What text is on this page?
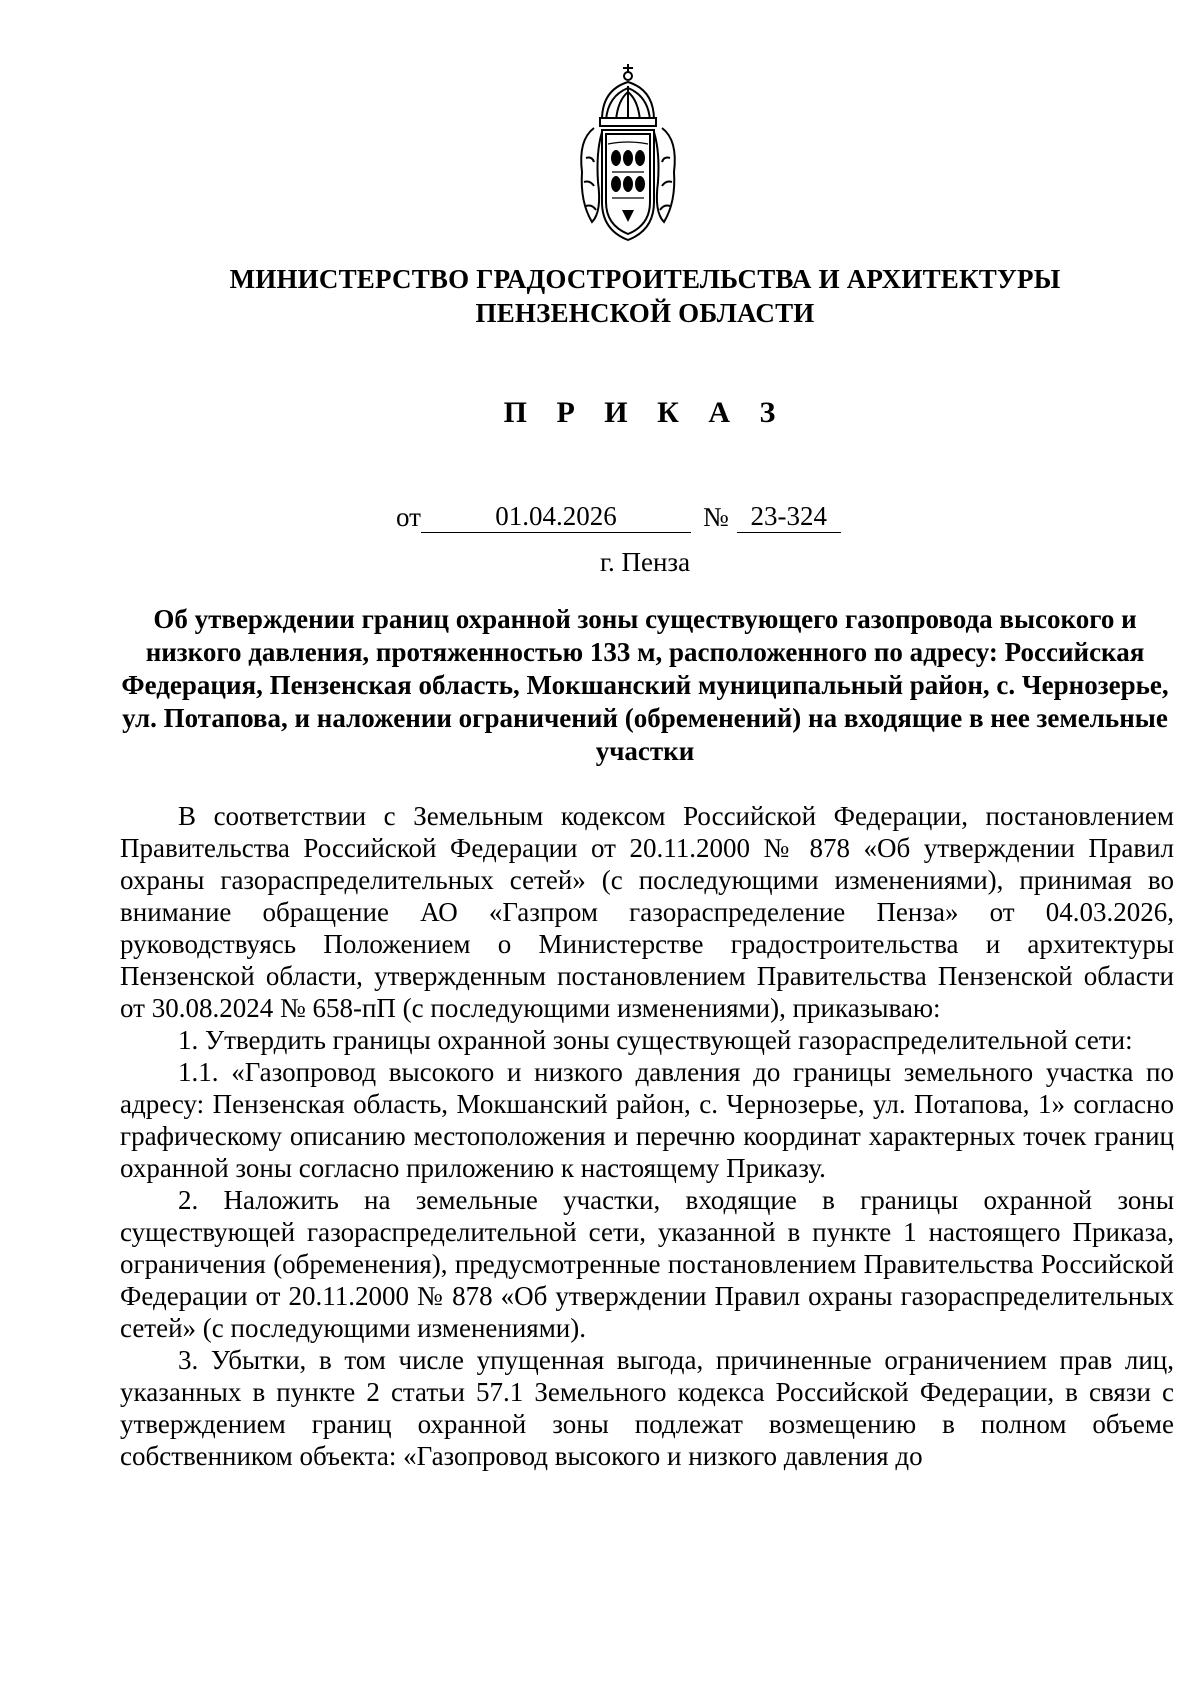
МИНИСТЕРСТВО ГРАДОСТРОИТЕЛЬСТВА И АРХИТЕКТУРЫ
ПЕНЗЕНСКОЙ ОБЛАСТИ
П Р И К А З
от	01.04.2026	№ 23-324
г. Пенза
Об утверждении границ охранной зоны существующего газопровода высокого и низкого давления, протяженностью 133 м, расположенного по адресу: Российская Федерация, Пензенская область, Мокшанский муниципальный район, с. Чернозерье, ул. Потапова, и наложении ограничений (обременений) на входящие в нее земельные участки

В соответствии с Земельным кодексом Российской Федерации, постановлением Правительства Российской Федерации от 20.11.2000 № 878 «Об утверждении Правил охраны газораспределительных сетей» (с последующими изменениями), принимая во внимание обращение АО «Газпром газораспределение Пенза» от 04.03.2026, руководствуясь Положением о Министерстве градостроительства и архитектуры Пензенской области, утвержденным постановлением Правительства Пензенской области от 30.08.2024 № 658-пП (с последующими изменениями), приказываю:

1. Утвердить границы охранной зоны существующей газораспределительной сети:

1.1. «Газопровод высокого и низкого давления до границы земельного участка по адресу: Пензенская область, Мокшанский район, с. Чернозерье, ул. Потапова, 1» согласно графическому описанию местоположения и перечню координат характерных точек границ охранной зоны согласно приложению к настоящему Приказу.

2. Наложить на земельные участки, входящие в границы охранной зоны существующей газораспределительной сети, указанной в пункте 1 настоящего Приказа, ограничения (обременения), предусмотренные постановлением Правительства Российской Федерации от 20.11.2000 № 878 «Об утверждении Правил охраны газораспределительных сетей» (с последующими изменениями).

3. Убытки, в том числе упущенная выгода, причиненные ограничением прав лиц, указанных в пункте 2 статьи 57.1 Земельного кодекса Российской Федерации, в связи с утверждением границ охранной зоны подлежат возмещению в полном объеме собственником объекта: «Газопровод высокого и низкого давления до
